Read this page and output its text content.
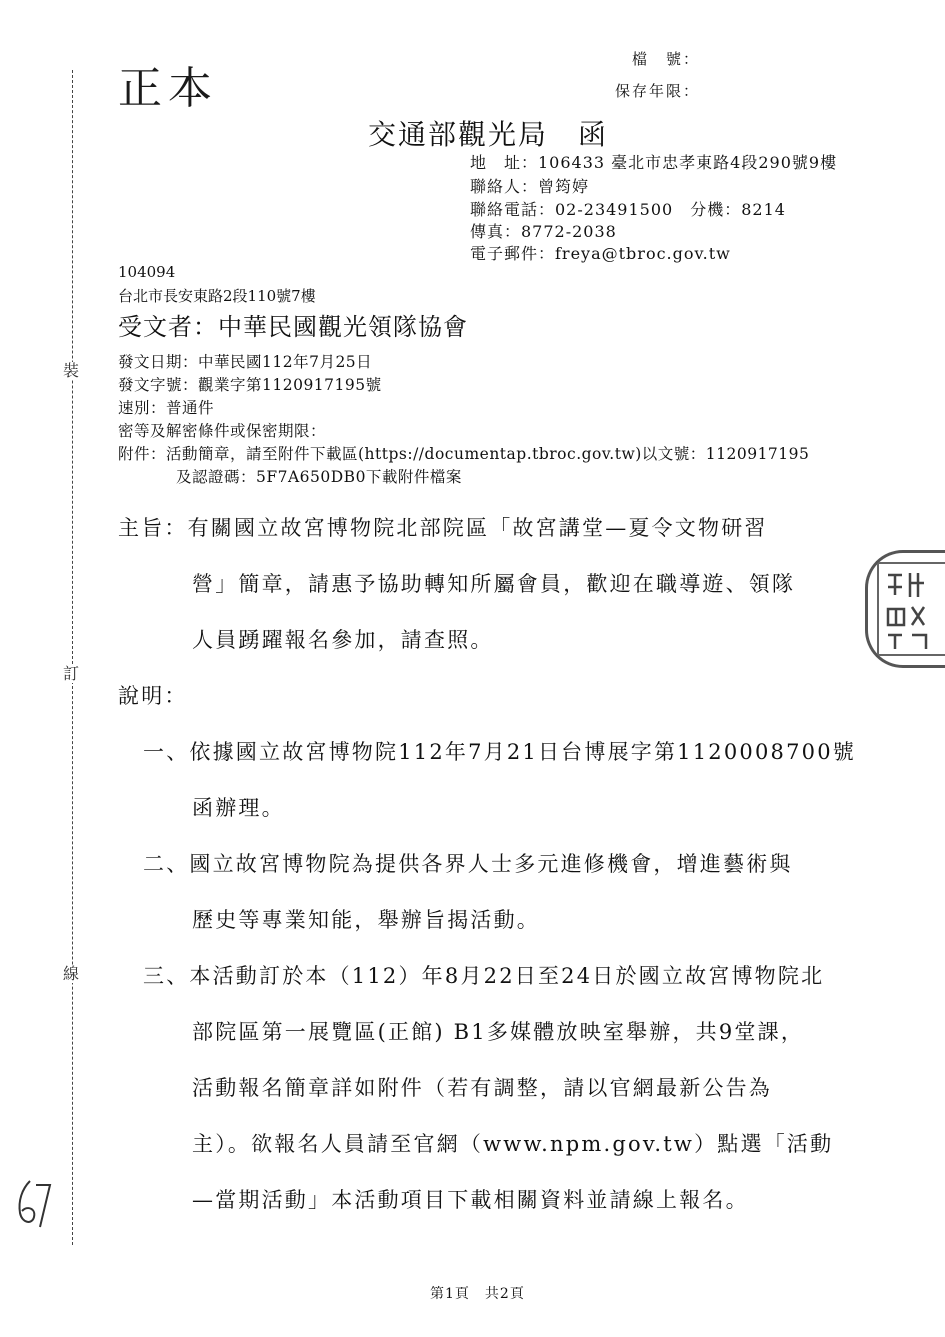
正本
檔　號：
保存年限：
裝
訂
線
交通部觀光局　函
地　址：106433 臺北市忠孝東路4段290號9樓
聯絡人：曾筠婷
聯絡電話：02-23491500　分機：8214
傳真：8772-2038
電子郵件：freya@tbroc.gov.tw
104094
台北市長安東路2段110號7樓
受文者：中華民國觀光領隊協會
發文日期：中華民國112年7月25日
發文字號：觀業字第1120917195號
速別：普通件
密等及解密條件或保密期限：
附件：活動簡章，請至附件下載區(https://documentap.tbroc.gov.tw)以文號：1120917195
及認證碼：5F7A650DB0下載附件檔案
主旨：有關國立故宮博物院北部院區「故宮講堂—夏令文物研習
營」簡章，請惠予協助轉知所屬會員，歡迎在職導遊、領隊
人員踴躍報名參加，請查照。
說明：
一、依據國立故宮博物院112年7月21日台博展字第1120008700號
函辦理。
二、國立故宮博物院為提供各界人士多元進修機會，增進藝術與
歷史等專業知能，舉辦旨揭活動。
三、本活動訂於本（112）年8月22日至24日於國立故宮博物院北
部院區第一展覽區(正館) B1多媒體放映室舉辦，共9堂課，
活動報名簡章詳如附件（若有調整，請以官網最新公告為
主）。欲報名人員請至官網（www.npm.gov.tw）點選「活動
—當期活動」本活動項目下載相關資料並請線上報名。
第1頁　共2頁
